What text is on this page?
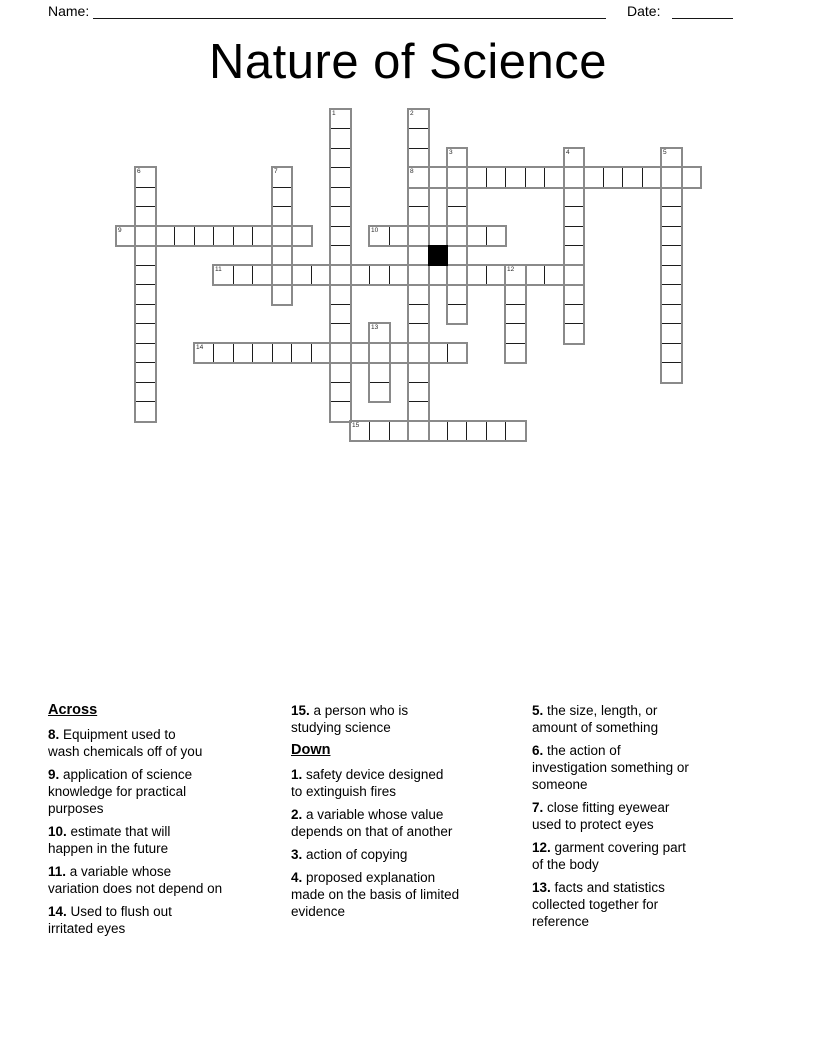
Name:	Date:
Nature of Science
1	2
3	4	5
6	7	8
9	10
11	12
13
14
15
Across

8. Equipment used to
wash chemicals off of you

9. application of science
knowledge for practical
purposes

10. estimate that will
happen in the future

11. a variable whose
variation does not depend on

14. Used to flush out
irritated eyes

15. a person who is
studying science

Down

1. safety device designed
to extinguish fires

2. a variable whose value
depends on that of another

3. action of copying

4. proposed explanation
made on the basis of limited
evidence

5. the size, length, or
amount of something

6. the action of
investigation something or
someone

7. close fitting eyewear
used to protect eyes

12. garment covering part
of the body

13. facts and statistics
collected together for
reference
